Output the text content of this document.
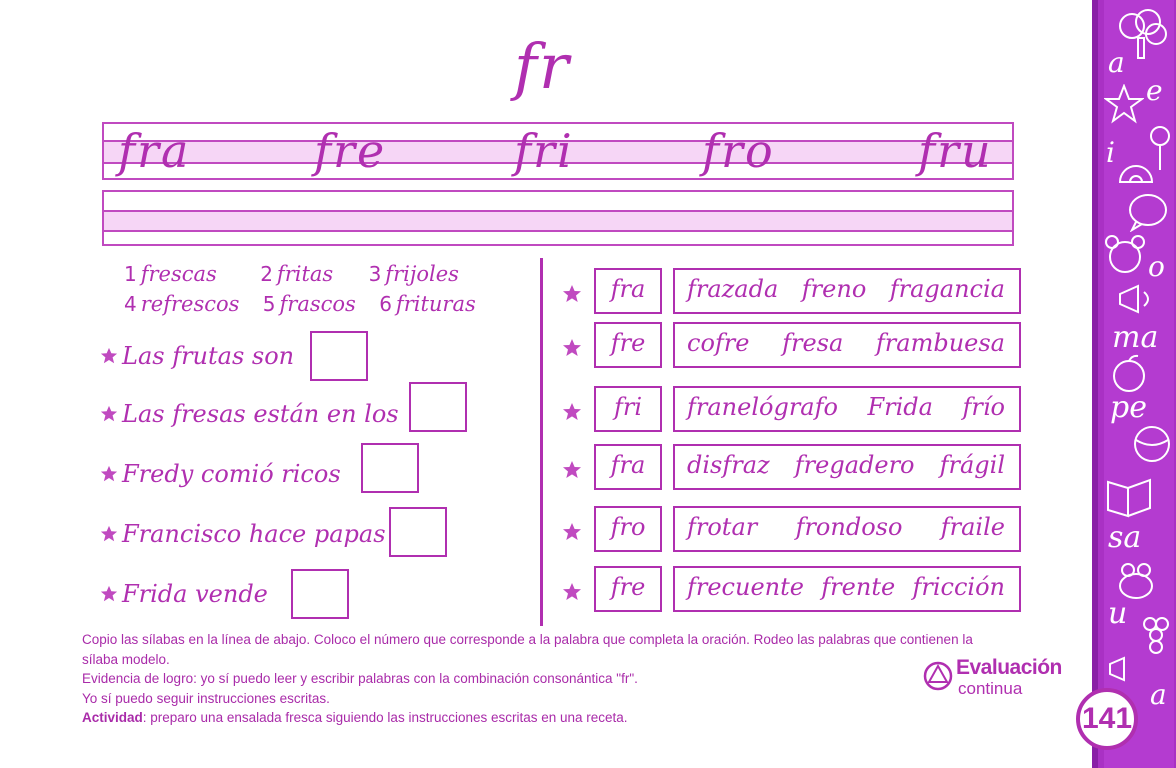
fr
fra	fre	fri	fro	fru
1 frescas 2 fritas 3 frijoles
4 refrescos 5 frascos 6 frituras
Las frutas son
Las fresas están en los
Fredy comió ricos
Francisco hace papas
Frida vende
fra	frazada freno fragancia
fre	cofre fresa frambuesa
fri	franelógrafo Frida frío
fra	disfraz fregadero frágil
fro	frotar frondoso fraile
fre	frecuente frente fricción
Copio las sílabas en la línea de abajo. Coloco el número que corresponde a la palabra que completa la oración. Rodeo las palabras que contienen la sílaba modelo.
Evidencia de logro: yo sí puedo leer y escribir palabras con la combinación consonántica "fr".
Yo sí puedo seguir instrucciones escritas.
Actividad: preparo una ensalada fresca siguiendo las instrucciones escritas en una receta.
Evaluación
continua
a
e
i
o
ma
pe
sa
u
a
141
